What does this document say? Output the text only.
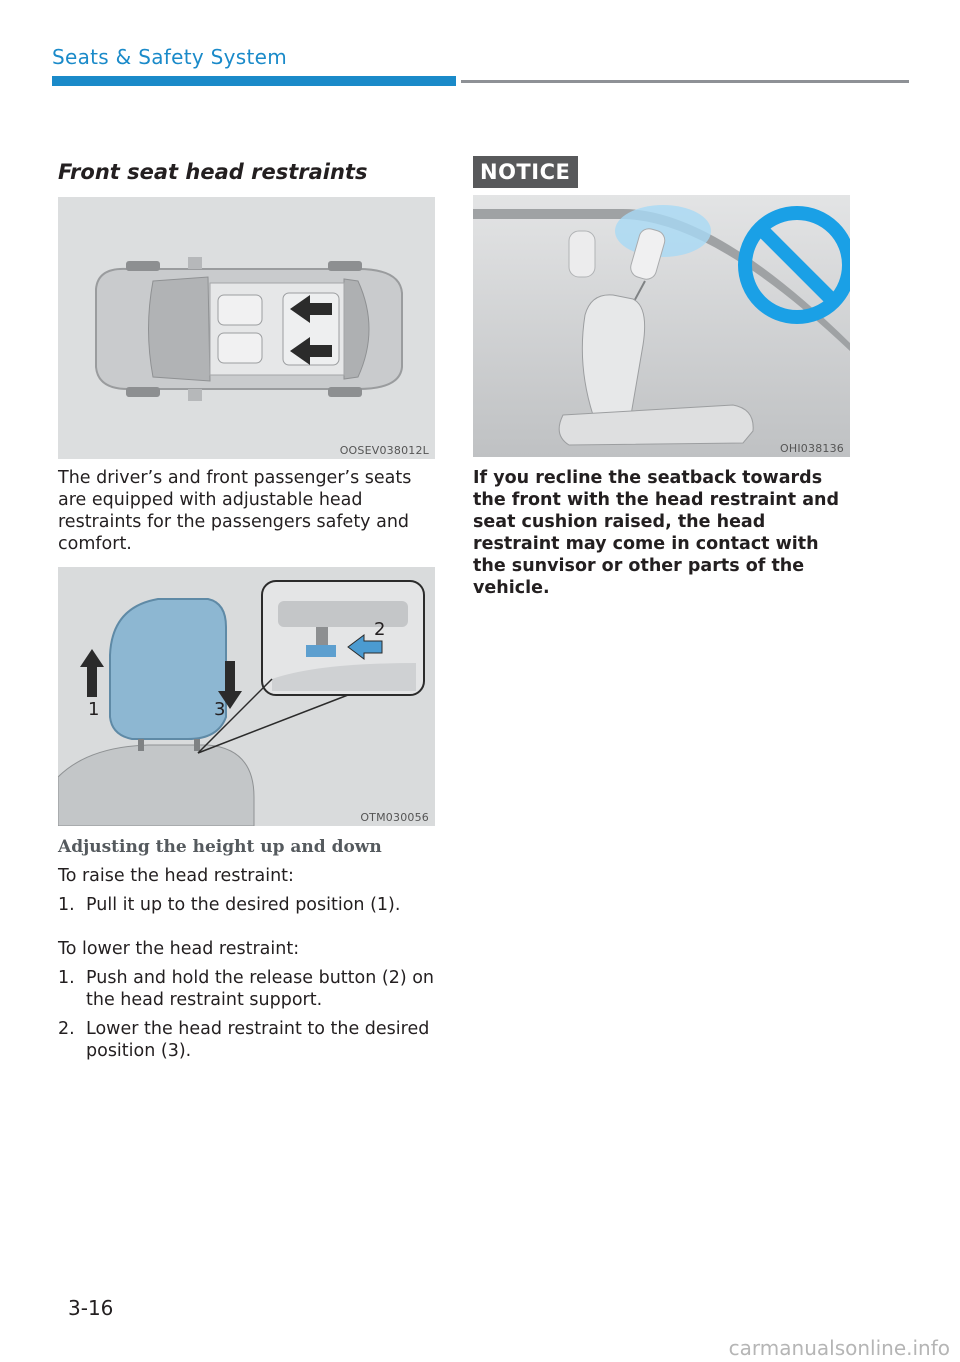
Seats & Safety System
Front seat head restraints
OOSEV038012L
The driver’s and front passenger’s seats are equipped with adjustable head restraints for the passengers safety and comfort.
1
2
3
OTM030056
Adjusting the height up and down
To raise the head restraint:
1. Pull it up to the desired position (1).
To lower the head restraint:
1. Push and hold the release button (2) on the head restraint support.
2. Lower the head restraint to the desired position (3).
NOTICE
OHI038136
If you recline the seatback towards the front with the head restraint and seat cushion raised, the head restraint may come in contact with the sunvisor or other parts of the vehicle.
3-16
carmanualsonline.info
